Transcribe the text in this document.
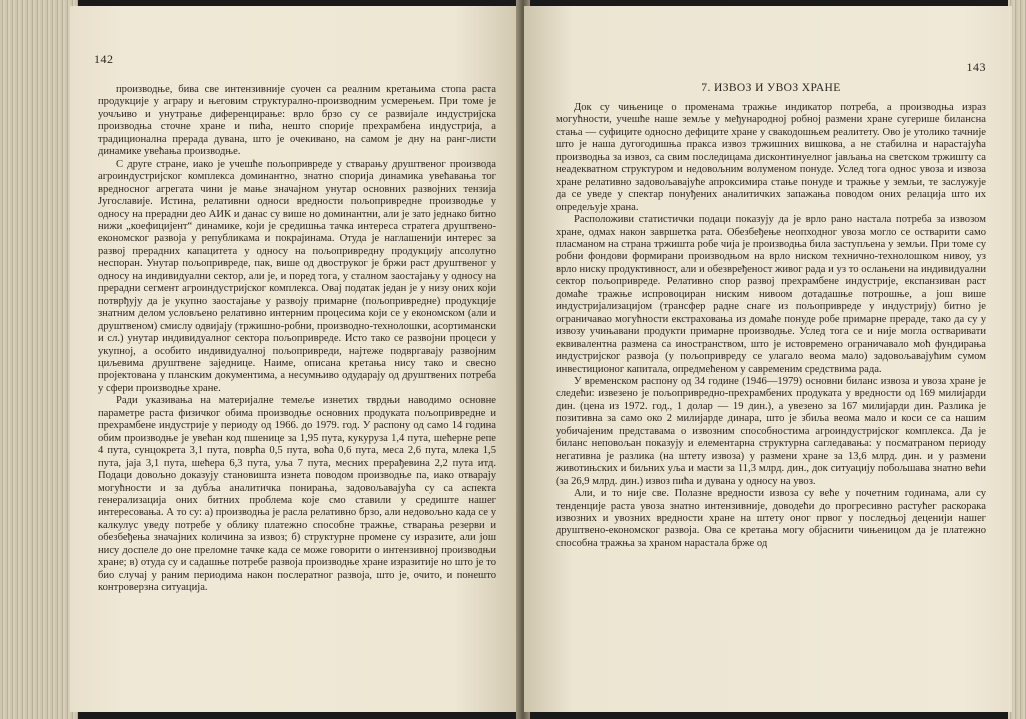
142

производње, бива све интензивније суочен са реалним кретањима стопа раста продукције у аграру и његовим структурално-производним усмерењем. При томе је уочљиво и унутрање диференцирање: врло брзо су се развијале индустријска производња сточне хране и пића, нешто спорије прехрамбена индустрија, а традиционална прерада дувана, што је очекивано, на самом је дну на ранг-листи динамике увећања производње.

С друге стране, иако је учешће пољопривреде у стварању друштвеног производа агроиндустријског комплекса доминантно, знатно спорија динамика увећавања тог вредносног агрегата чини је мање значајном унутар основних развојних тензија Југославије. Истина, релативни односи вредности пољопривредне производње у односу на прерадни део АИК и данас су више но доминантни, али је зато једнако битно нижи „коефицијент“ динамике, који је средишња тачка интереса стратега друштвено-економског развоја у републикама и покрајинама. Отуда је наглашенији интерес за развој прерадних капацитета у односу на пољопривредну продукцију апсолутно неспоран. Унутар пољопривреде, пак, више од двоструког је бржи раст друштвеног у односу на индивидуални сектор, али је, и поред тога, у сталном заостајању у односу на прерадни сегмент агроиндустријског комплекса. Овај податак један је у низу оних који потврђују да је укупно заостајање у развоју примарне (пољопривредне) продукције знатним делом условљено релативно интерним процесима који се у економском (али и друштвеном) смислу одвијају (тржишно-робни, производно-технолошки, асортимански и сл.) унутар индивидуалног сектора пољопривреде. Исто тако се развојни процеси у укупној, а особито индивидуалној пољопривреди, најтеже подвргавају развојним циљевима друштвене заједнице. Наиме, описана кретања нису тако и свесно пројектована у планским документима, а несумњиво одударају од друштвених потреба у сфери производње хране.

Ради указивања на материјалне темеље изнетих тврдњи наводимо основне параметре раста физичког обима производње основних продуката пољопривредне и прехрамбене индустрије у периоду од 1966. до 1979. год. У распону од само 14 година обим производње је увећан код пшенице за 1,95 пута, кукуруза 1,4 пута, шећерне репе 4 пута, сунцокрета 3,1 пута, поврћа 0,5 пута, воћа 0,6 пута, меса 2,6 пута, млека 1,5 пута, јаја 3,1 пута, шећера 6,3 пута, уља 7 пута, месних прерађевина 2,2 пута итд. Подаци довољно доказују становишта изнета поводом производње па, иако отварају могућности и за дубља аналитичка понирања, задовољавајућа су са аспекта генерализација оних битних проблема које смо ставили у средиште нашег интересовања. А то су: а) производња је расла релативно брзо, али недовољно када се у калкулус уведу потребе у облику платежно способне тражње, стварања резерви и обезбеђења значајних количина за извоз; б) структурне промене су изразите, али још нису доспеле до оне преломне тачке када се може говорити о интензивној производњи хране; в) отуда су и садашње потребе развоја производње хране изразитије но што је то био случај у раним периодима након послератног развоја, што је, очито, и понешто контроверзна ситуација.

143
7. ИЗВОЗ И УВОЗ ХРАНЕ

Док су чињенице о променама тражње индикатор потреба, а производња израз могућности, учешће наше земље у међународној робној размени хране сугерише билансна стања — суфиците односно дефиците хране у свакодошњем реалитету. Ово је утолико тачније што је наша дугогодишња пракса извоз тржишних вишкова, а не стабилна и нарастајућа производња за извоз, са свим последицама дисконтинуелног јављања на светском тржишту са неадекватном структуром и недовољним волуменом понуде. Услед тога однос увоза и извоза хране релативно задовољавајуће апроксимира стање понуде и тражње у земљи, те заслужује да се уведе у спектар понуђених аналитичких запажања поводом оних релација што их опредељује храна.

Расположиви статистички подаци показују да је врло рано настала потреба за извозом хране, одмах након завршетка рата. Обезбеђење неопходног увоза могло се остварити само пласманом на страна тржишта робе чија је производња била заступљена у земљи. При томе су робни фондови формирани производњом на врло ниском технично-технолошком нивоу, уз врло ниску продуктивност, али и обезвређеност живог рада и уз то ослањени на индивидуални сектор пољопривреде. Релативно спор развој прехрамбене индустрије, експанзиван раст домаће тражње испровоциран ниским нивоом дотадашње потрошње, а још више индустријализацијом (трансфер радне снаге из пољопривреде у индустрију) битно је ограничавао могућности екстраховања из домаће понуде робе примарне прераде, тако да су у извозу учињавани продукти примарне производње. Услед тога се и није могла остваривати еквивалентна размена са иностранством, што је истовремено ограничавало моћ фундирања индустријског развоја (у пољопривреду се улагало веома мало) задовољавајућим сумом инвестиционог капитала, опредмећеном у савременим средствима рада.

У временском распону од 34 године (1946—1979) основни биланс извоза и увоза хране је следећи: извезено је пољопривредно-прехрамбених продуката у вредности од 169 милијарди дин. (цена из 1972. год., 1 долар — 19 дин.), а увезено за 167 милијарди дин. Разлика је позитивна за само око 2 милијарде динара, што је збиља веома мало и коси се са нашим уобичајеним представама о извозним способностима агроиндустријског комплекса. Да је биланс неповољан показују и елементарна структурна сагледавања: у посматраном периоду негативна је разлика (на штету извоза) у размени хране за 13,6 млрд. дин. и у размени животињских и биљних уља и масти за 11,3 млрд. дин., док ситуацију побољшава знатно већи (за 26,9 млрд. дин.) извоз пића и дувана у односу на увоз.

Али, и то није све. Полазне вредности извоза су веће у почетним годинама, али су тенденције раста увоза знатно интензивније, доводећи до прогресивно растућег раскорака извозних и увозних вредности хране на штету оног првог у последњој деценији нашег друштвено-економског развоја. Ова се кретања могу објаснити чињеницом да је платежно способна тражња за храном нарастала брже од
